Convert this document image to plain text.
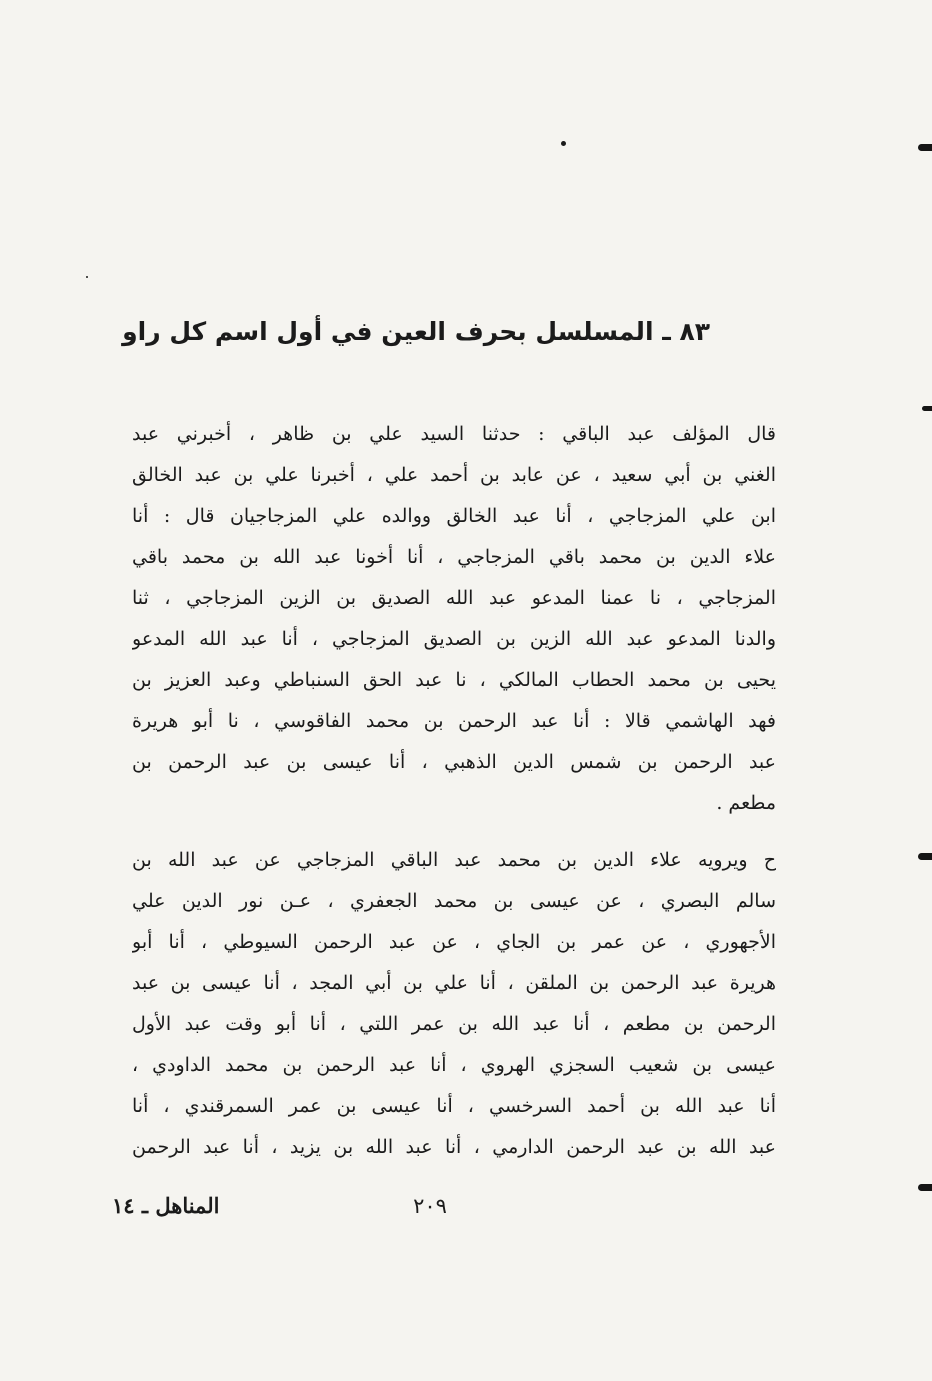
٨٣ ـ المسلسل بحرف العين في أول اسم كل راو
قال المؤلف عبد الباقي : حدثنا السيد علي بن ظاهر ، أخبرني عبد
الغني بن أبي سعيد ، عن عابد بن أحمد علي ، أخبرنا علي بن عبد الخالق
ابن علي المزجاجي ، أنا عبد الخالق ووالده علي المزجاجيان قال : أنا
علاء الدين بن محمد باقي المزجاجي ، أنا أخونا عبد الله بن محمد باقي
المزجاجي ، نا عمنا المدعو عبد الله الصديق بن الزين المزجاجي ، ثنا
والدنا المدعو عبد الله الزين بن الصديق المزجاجي ، أنا عبد الله المدعو
يحيى بن محمد الحطاب المالكي ، نا عبد الحق السنباطي وعبد العزيز بن
فهد الهاشمي قالا : أنا عبد الرحمن بن محمد الفاقوسي ، نا أبو هريرة
عبد الرحمن بن شمس الدين الذهبي ، أنا عيسى بن عبد الرحمن بن
مطعم .
ح ويرويه علاء الدين بن محمد عبد الباقي المزجاجي عن عبد الله بن
سالم البصري ، عن عيسى بن محمد الجعفري ، عـن نور الدين علي
الأجهوري ، عن عمر بن الجاي ، عن عبد الرحمن السيوطي ، أنا أبو
هريرة عبد الرحمن بن الملقن ، أنا علي بن أبي المجد ، أنا عيسى بن عبد
الرحمن بن مطعم ، أنا عبد الله بن عمر اللتي ، أنا أبو وقت عبد الأول
عيسى بن شعيب السجزي الهروي ، أنا عبد الرحمن بن محمد الداودي ،
أنا عبد الله بن أحمد السرخسي ، أنا عيسى بن عمر السمرقندي ، أنا
عبد الله بن عبد الرحمن الدارمي ، أنا عبد الله بن يزيد ، أنا عبد الرحمن
٢٠٩
المناهل ـ ١٤
